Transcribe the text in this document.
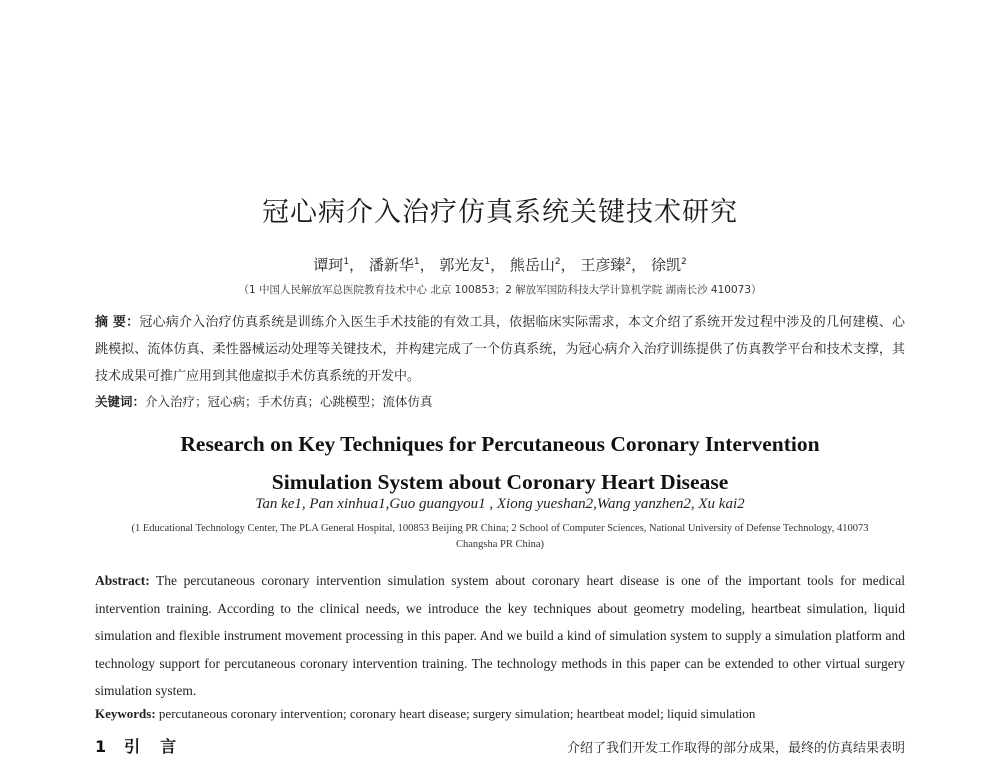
冠心病介入治疗仿真系统关键技术研究
谭珂$^1$， 潘新华$^1$， 郭光友$^1$， 熊岳山$^2$， 王彦臻$^2$， 徐凯$^2$
（1 中国人民解放军总医院教育技术中心 北京 100853；2 解放军国防科技大学计算机学院 湖南长沙 410073）
摘 要：冠心病介入治疗仿真系统是训练介入医生手术技能的有效工具，依据临床实际需求，本文介绍了系统开发过程中涉及的几何建模、心跳模拟、流体仿真、柔性器械运动处理等关键技术，并构建完成了一个仿真系统，为冠心病介入治疗训练提供了仿真教学平台和技术支撑，其技术成果可推广应用到其他虚拟手术仿真系统的开发中。
关键词：介入治疗；冠心病；手术仿真；心跳模型；流体仿真
Research on Key Techniques for Percutaneous Coronary Intervention
Simulation System about Coronary Heart Disease
Tan ke1, Pan xinhua1,Guo guangyou1 , Xiong yueshan2,Wang yanzhen2, Xu kai2
(1 Educational Technology Center, The PLA General Hospital, 100853 Beijing PR China; 2 School of Computer Sciences, National University of Defense Technology, 410073 Changsha PR China)
Abstract: The percutaneous coronary intervention simulation system about coronary heart disease is one of the important tools for medical intervention training. According to the clinical needs, we introduce the key techniques about geometry modeling, heartbeat simulation, liquid simulation and flexible instrument movement processing in this paper. And we build a kind of simulation system to supply a simulation platform and technology support for percutaneous coronary intervention training. The technology methods in this paper can be extended to other virtual surgery simulation system.
Keywords: percutaneous coronary intervention; coronary heart disease; surgery simulation; heartbeat model; liquid simulation
1 引言	介绍了我们开发工作取得的部分成果，最终的仿真结果表明
